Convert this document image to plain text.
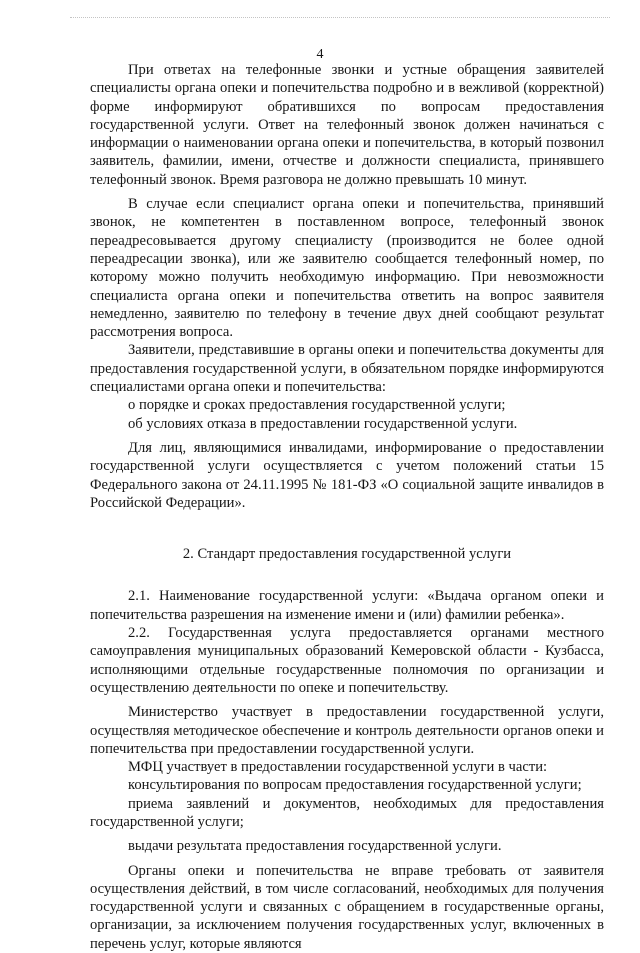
4

При ответах на телефонные звонки и устные обращения заявителей специалисты органа опеки и попечительства подробно и в вежливой (корректной) форме информируют обратившихся по вопросам предоставления государственной услуги. Ответ на телефонный звонок должен начинаться с информации о наименовании органа опеки и попечительства, в который позвонил заявитель, фамилии, имени, отчестве и должности специалиста, принявшего телефонный звонок. Время разговора не должно превышать 10 минут.

В случае если специалист органа опеки и попечительства, принявший звонок, не компетентен в поставленном вопросе, телефонный звонок переадресовывается другому специалисту (производится не более одной переадресации звонка), или же заявителю сообщается телефонный номер, по которому можно получить необходимую информацию. При невозможности специалиста органа опеки и попечительства ответить на вопрос заявителя немедленно, заявителю по телефону в течение двух дней сообщают результат рассмотрения вопроса.

Заявители, представившие в органы опеки и попечительства документы для предоставления государственной услуги, в обязательном порядке информируются специалистами органа опеки и попечительства:

о порядке и сроках предоставления государственной услуги;

об условиях отказа в предоставлении государственной услуги.

Для лиц, являющимися инвалидами, информирование о предоставлении государственной услуги осуществляется с учетом положений статьи 15 Федерального закона от 24.11.1995 № 181-ФЗ «О социальной защите инвалидов в Российской Федерации».

2. Стандарт предоставления государственной услуги

2.1. Наименование государственной услуги: «Выдача органом опеки и попечительства разрешения на изменение имени и (или) фамилии ребенка».

2.2. Государственная услуга предоставляется органами местного самоуправления муниципальных образований Кемеровской области - Кузбасса, исполняющими отдельные государственные полномочия по организации и осуществлению деятельности по опеке и попечительству.

Министерство участвует в предоставлении государственной услуги, осуществляя методическое обеспечение и контроль деятельности органов опеки и попечительства при предоставлении государственной услуги.

МФЦ участвует в предоставлении государственной услуги в части:

консультирования по вопросам предоставления государственной услуги;

приема заявлений и документов, необходимых для предоставления государственной услуги;

выдачи результата предоставления государственной услуги.

Органы опеки и попечительства не вправе требовать от заявителя осуществления действий, в том числе согласований, необходимых для получения государственной услуги и связанных с обращением в государственные органы, организации, за исключением получения государственных услуг, включенных в перечень услуг, которые являются
